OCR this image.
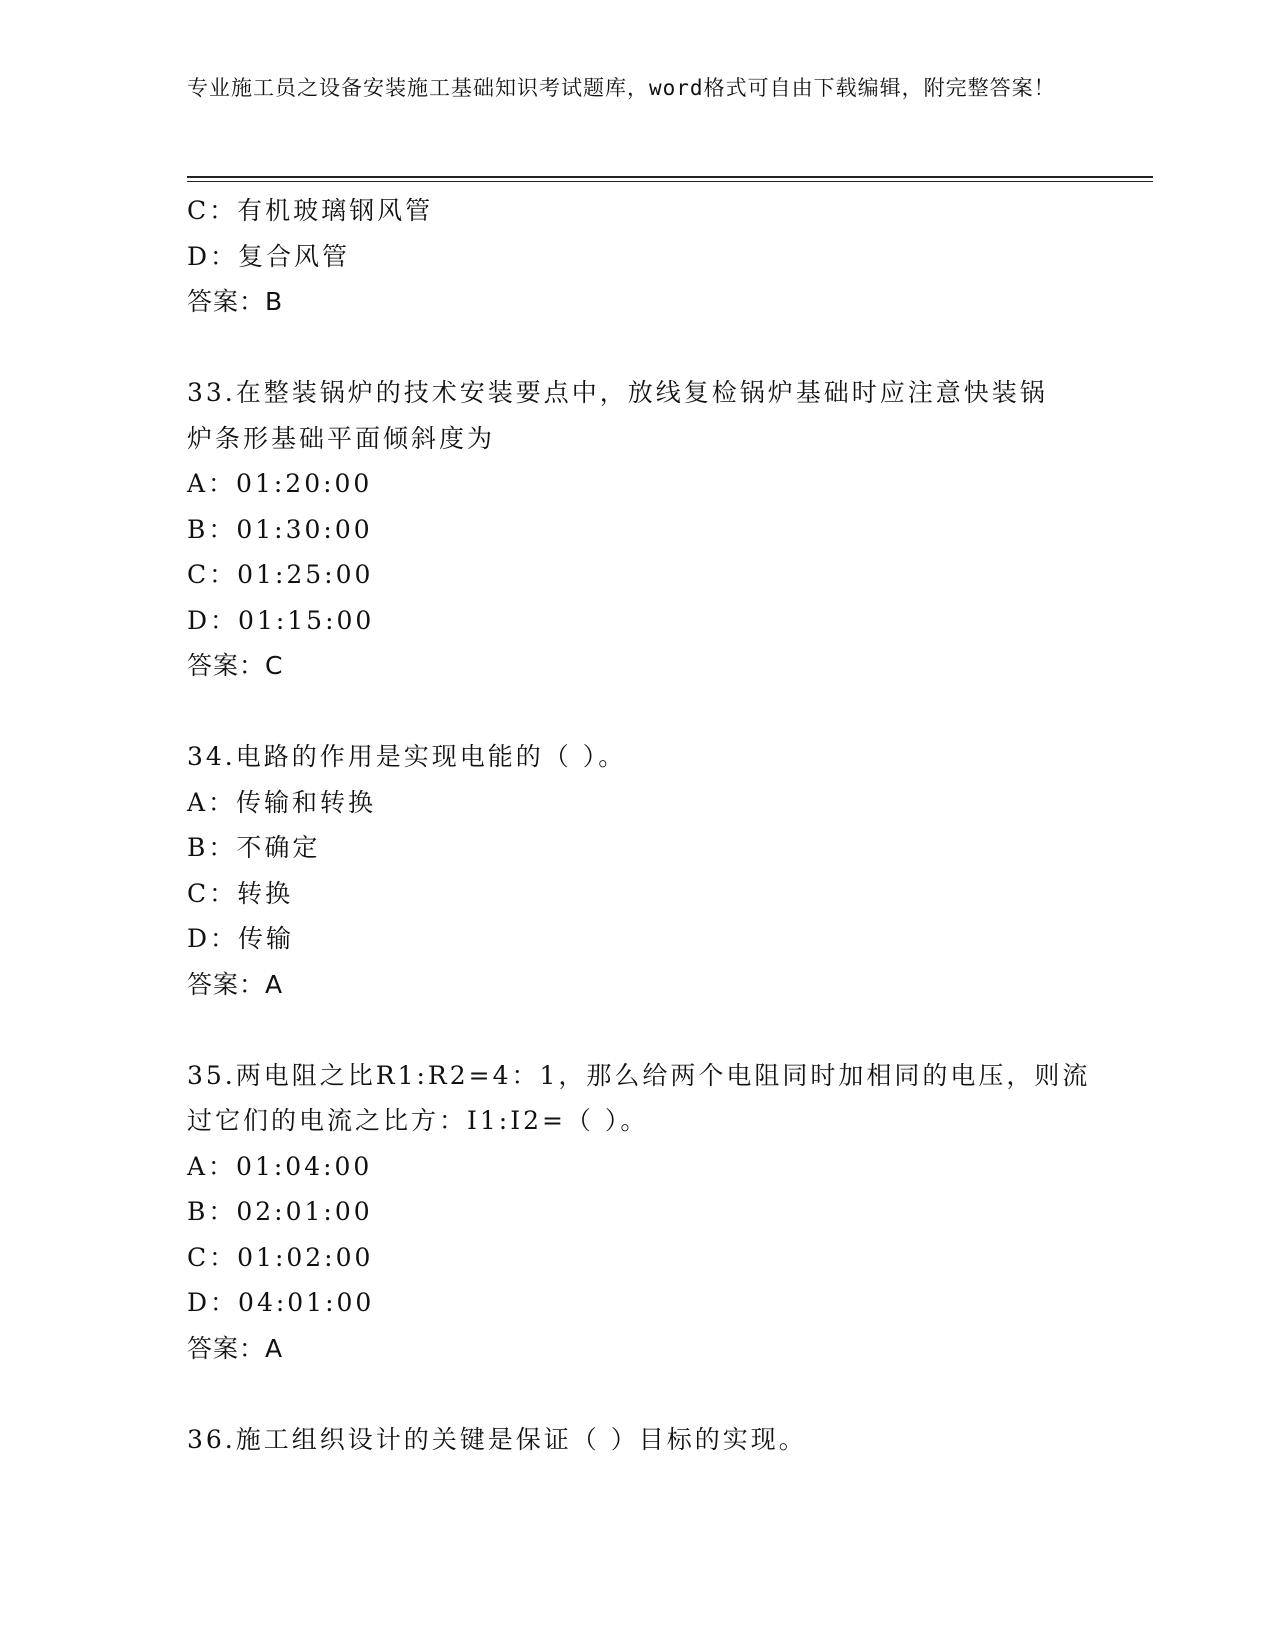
专业施工员之设备安装施工基础知识考试题库，word格式可自由下载编辑，附完整答案！
C：有机玻璃钢风管
D：复合风管
答案：B
33.在整装锅炉的技术安装要点中，放线复检锅炉基础时应注意快装锅
炉条形基础平面倾斜度为
A：01:20:00
B：01:30:00
C：01:25:00
D：01:15:00
答案：C
34.电路的作用是实现电能的（ ）。
A：传输和转换
B：不确定
C：转换
D：传输
答案：A
35.两电阻之比R1:R2=4：1，那么给两个电阻同时加相同的电压，则流
过它们的电流之比方：I1:I2=（ ）。
A：01:04:00
B：02:01:00
C：01:02:00
D：04:01:00
答案：A
36.施工组织设计的关键是保证（ ）目标的实现。
